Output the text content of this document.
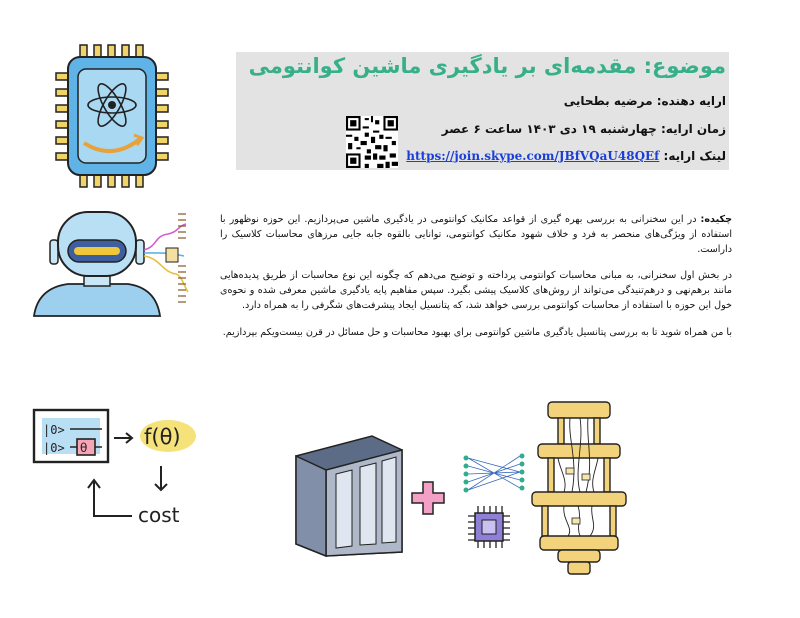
موضوع: مقدمه‌ای بر یادگیری ماشین کوانتومی
ارایه دهنده: مرضیه بطحایی
زمان ارایه: چهارشنبه ۱۹ دی ۱۴۰۳ ساعت ۶ عصر
لینک ارایه: https://join.skype.com/JBfVQaU48QEf

چکیده: در این سخنرانی به بررسی بهره گیری از قواعد مکانیک کوانتومی در یادگیری ماشین می‌پردازیم. این حوزه نوظهور با استفاده از ویژگی‌های منحصر به فرد و خلاف شهود مکانیک کوانتومی، توانایی بالقوه جابه جایی مرزهای محاسبات کلاسیک را داراست.

در بخش اول سخنرانی، به مبانی محاسبات کوانتومی پرداخته و توضیح می‌دهم که چگونه این نوع محاسبات از طریق پدیده‌هایی مانند برهم‌نهی و درهم‌تنیدگی می‌تواند از روش‌های کلاسیک پیشی بگیرد. سپس مفاهیم پایه یادگیری ماشین معرفی شده و نحوه‌ی خول این حوزه با استفاده از محاسبات کوانتومی بررسی خواهد شد، که پتانسیل ایجاد پیشرفت‌های شگرفی را به همراه دارد.

با من همراه شوید تا به بررسی پتانسیل یادگیری ماشین کوانتومی برای بهبود محاسبات و حل مسائل در قرن بیست‌ویکم بپردازیم.

|0>
|0> θ	f(θ)
cost
